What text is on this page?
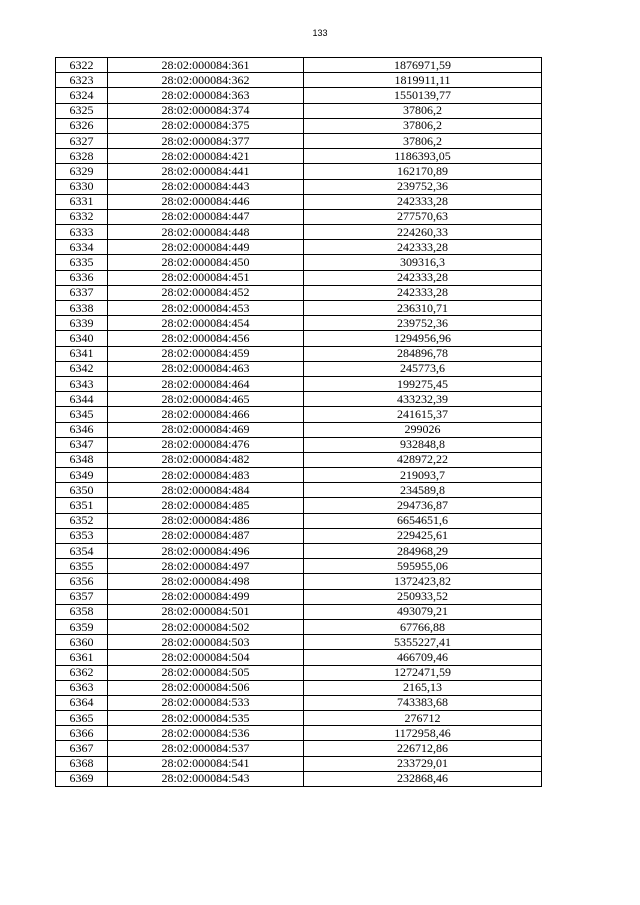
133
6322	28:02:000084:361	1876971,59
6323	28:02:000084:362	1819911,11
6324	28:02:000084:363	1550139,77
6325	28:02:000084:374	37806,2
6326	28:02:000084:375	37806,2
6327	28:02:000084:377	37806,2
6328	28:02:000084:421	1186393,05
6329	28:02:000084:441	162170,89
6330	28:02:000084:443	239752,36
6331	28:02:000084:446	242333,28
6332	28:02:000084:447	277570,63
6333	28:02:000084:448	224260,33
6334	28:02:000084:449	242333,28
6335	28:02:000084:450	309316,3
6336	28:02:000084:451	242333,28
6337	28:02:000084:452	242333,28
6338	28:02:000084:453	236310,71
6339	28:02:000084:454	239752,36
6340	28:02:000084:456	1294956,96
6341	28:02:000084:459	284896,78
6342	28:02:000084:463	245773,6
6343	28:02:000084:464	199275,45
6344	28:02:000084:465	433232,39
6345	28:02:000084:466	241615,37
6346	28:02:000084:469	299026
6347	28:02:000084:476	932848,8
6348	28:02:000084:482	428972,22
6349	28:02:000084:483	219093,7
6350	28:02:000084:484	234589,8
6351	28:02:000084:485	294736,87
6352	28:02:000084:486	6654651,6
6353	28:02:000084:487	229425,61
6354	28:02:000084:496	284968,29
6355	28:02:000084:497	595955,06
6356	28:02:000084:498	1372423,82
6357	28:02:000084:499	250933,52
6358	28:02:000084:501	493079,21
6359	28:02:000084:502	67766,88
6360	28:02:000084:503	5355227,41
6361	28:02:000084:504	466709,46
6362	28:02:000084:505	1272471,59
6363	28:02:000084:506	2165,13
6364	28:02:000084:533	743383,68
6365	28:02:000084:535	276712
6366	28:02:000084:536	1172958,46
6367	28:02:000084:537	226712,86
6368	28:02:000084:541	233729,01
6369	28:02:000084:543	232868,46
